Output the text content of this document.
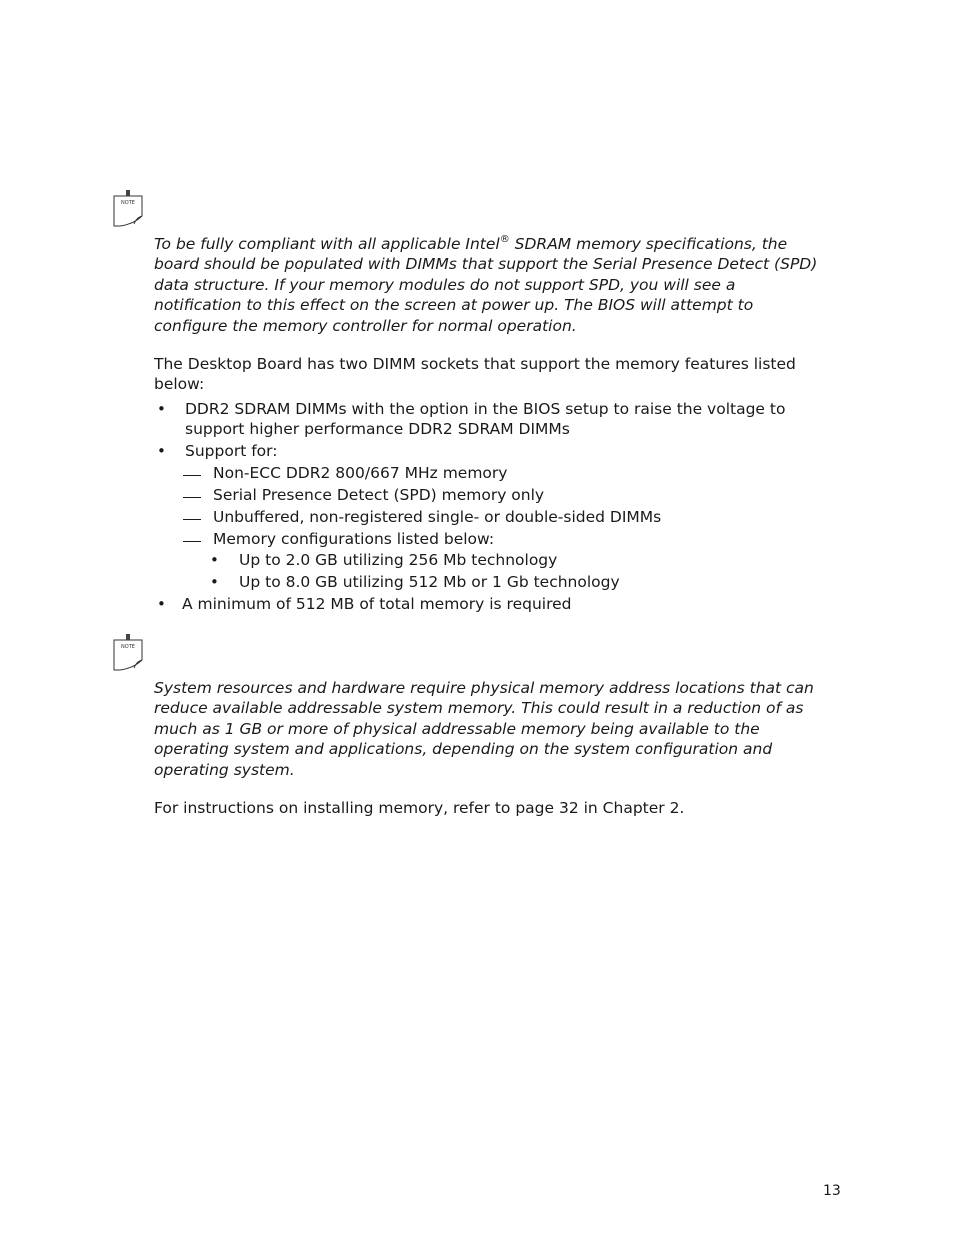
NOTE
To be fully compliant with all applicable Intel® SDRAM memory specifications, the
board should be populated with DIMMs that support the Serial Presence Detect (SPD)
data structure. If your memory modules do not support SPD, you will see a
notification to this effect on the screen at power up. The BIOS will attempt to
configure the memory controller for normal operation.
The Desktop Board has two DIMM sockets that support the memory features listed
below:
• DDR2 SDRAM DIMMs with the option in the BIOS setup to raise the voltage to
support higher performance DDR2 SDRAM DIMMs
• Support for:
Non-ECC DDR2 800/667 MHz memory
Serial Presence Detect (SPD) memory only
Unbuffered, non-registered single- or double-sided DIMMs
Memory configurations listed below:
• Up to 2.0 GB utilizing 256 Mb technology
• Up to 8.0 GB utilizing 512 Mb or 1 Gb technology
• A minimum of 512 MB of total memory is required
NOTE
System resources and hardware require physical memory address locations that can
reduce available addressable system memory. This could result in a reduction of as
much as 1 GB or more of physical addressable memory being available to the
operating system and applications, depending on the system configuration and
operating system.
For instructions on installing memory, refer to page 32 in Chapter 2.
13
